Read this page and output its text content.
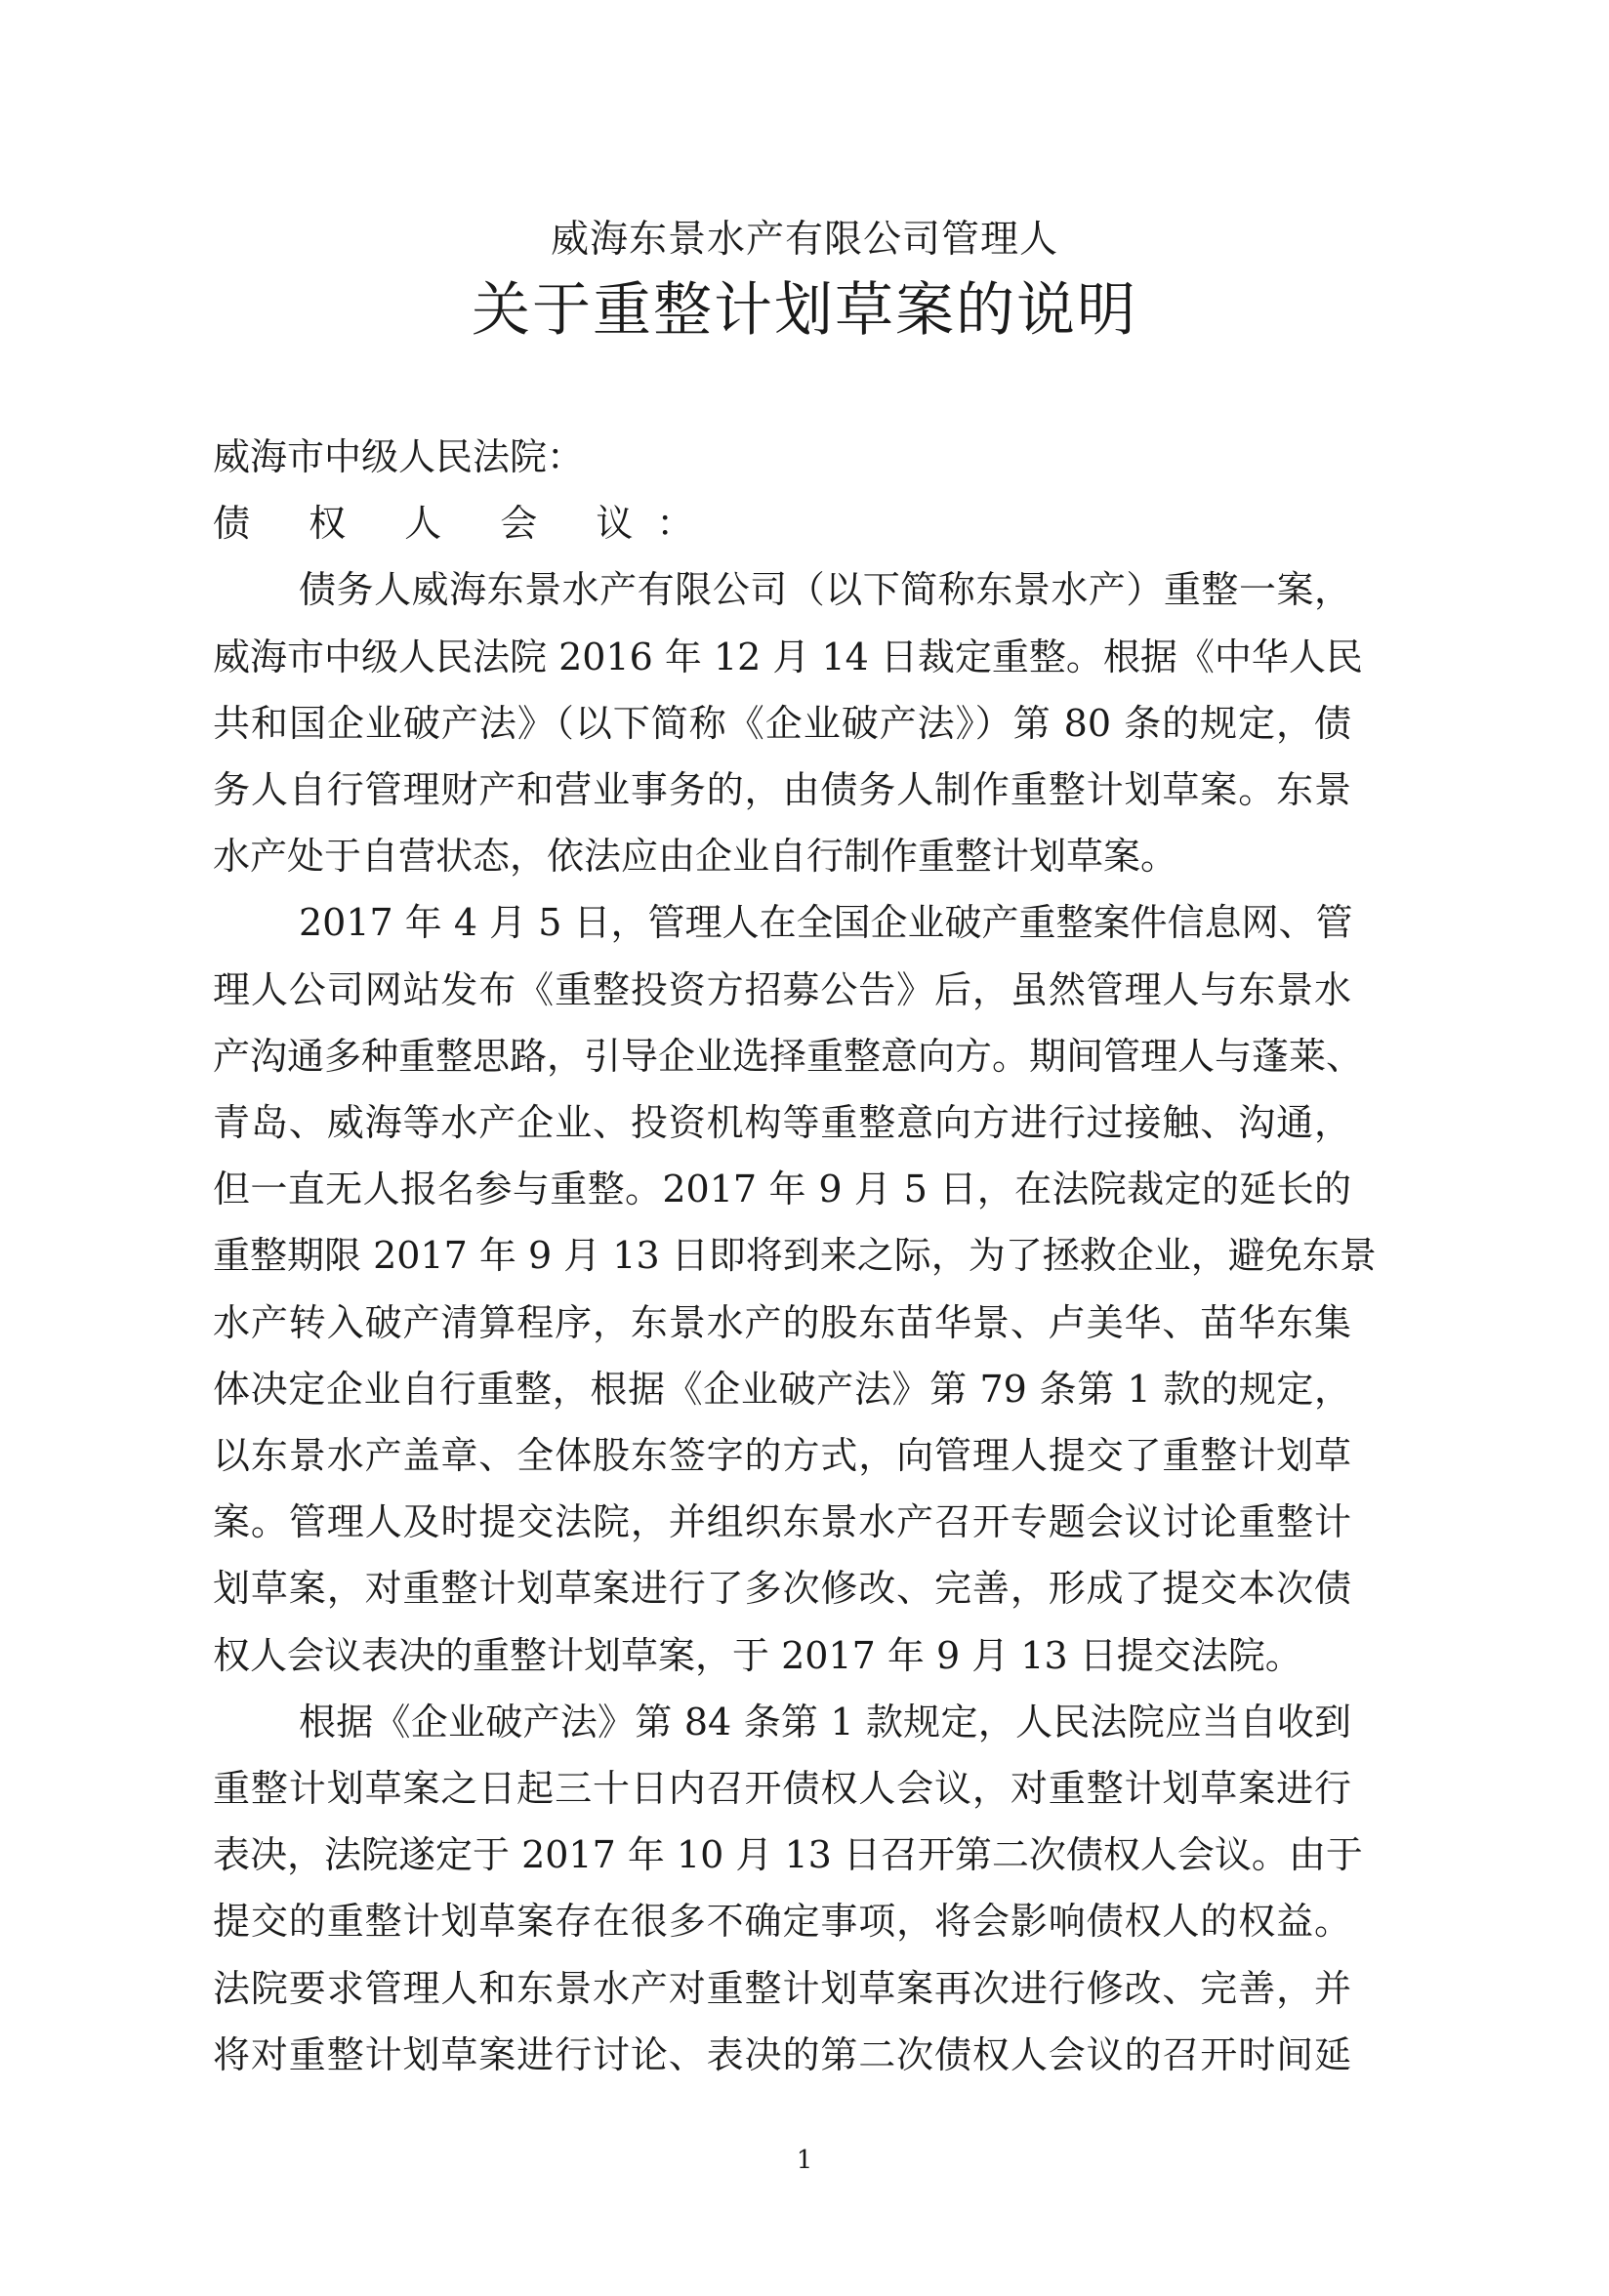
威海东景水产有限公司管理人
关于重整计划草案的说明
威海市中级人民法院：
债 权 人 会 议：
债务人威海东景水产有限公司（以下简称东景水产）重整一案，
威海市中级人民法院 2016 年 12 月 14 日裁定重整。根据《中华人民
共和国企业破产法》（以下简称《企业破产法》）第 80 条的规定，债
务人自行管理财产和营业事务的，由债务人制作重整计划草案。东景
水产处于自营状态，依法应由企业自行制作重整计划草案。
2017 年 4 月 5 日，管理人在全国企业破产重整案件信息网、管
理人公司网站发布《重整投资方招募公告》后，虽然管理人与东景水
产沟通多种重整思路，引导企业选择重整意向方。期间管理人与蓬莱、
青岛、威海等水产企业、投资机构等重整意向方进行过接触、沟通，
但一直无人报名参与重整。2017 年 9 月 5 日，在法院裁定的延长的
重整期限 2017 年 9 月 13 日即将到来之际，为了拯救企业，避免东景
水产转入破产清算程序，东景水产的股东苗华景、卢美华、苗华东集
体决定企业自行重整，根据《企业破产法》第 79 条第 1 款的规定，
以东景水产盖章、全体股东签字的方式，向管理人提交了重整计划草
案。管理人及时提交法院，并组织东景水产召开专题会议讨论重整计
划草案，对重整计划草案进行了多次修改、完善，形成了提交本次债
权人会议表决的重整计划草案，于 2017 年 9 月 13 日提交法院。
根据《企业破产法》第 84 条第 1 款规定，人民法院应当自收到
重整计划草案之日起三十日内召开债权人会议，对重整计划草案进行
表决，法院遂定于 2017 年 10 月 13 日召开第二次债权人会议。由于
提交的重整计划草案存在很多不确定事项，将会影响债权人的权益。
法院要求管理人和东景水产对重整计划草案再次进行修改、完善，并
将对重整计划草案进行讨论、表决的第二次债权人会议的召开时间延
1
